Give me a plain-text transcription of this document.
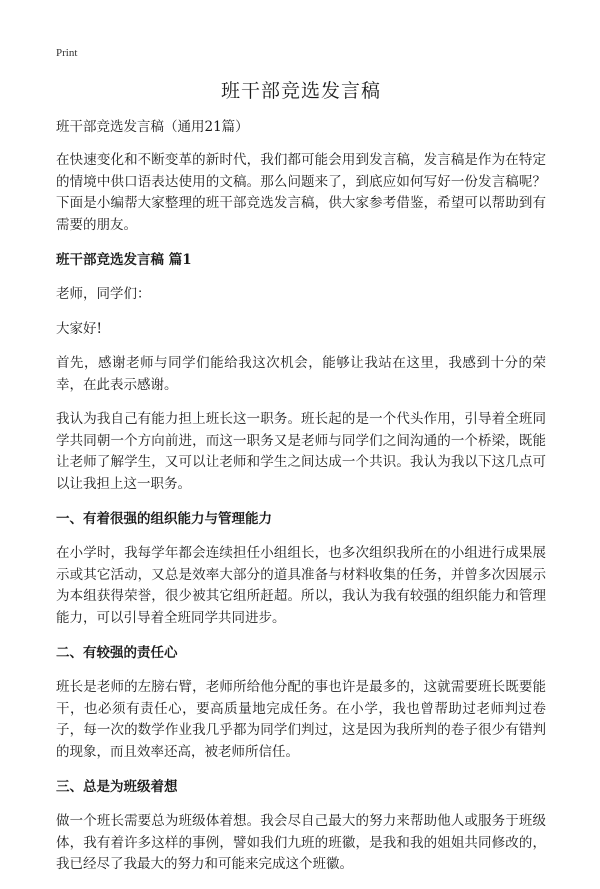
Print
班干部竞选发言稿

班干部竞选发言稿（通用21篇）

在快速变化和不断变革的新时代，我们都可能会用到发言稿，发言稿是作为在特定的情境中供口语表达使用的文稿。那么问题来了，到底应如何写好一份发言稿呢？下面是小编帮大家整理的班干部竞选发言稿，供大家参考借鉴，希望可以帮助到有需要的朋友。

班干部竞选发言稿 篇1

老师，同学们：

大家好!

首先，感谢老师与同学们能给我这次机会，能够让我站在这里，我感到十分的荣幸，在此表示感谢。

我认为我自己有能力担上班长这一职务。班长起的是一个代头作用，引导着全班同学共同朝一个方向前进，而这一职务又是老师与同学们之间沟通的一个桥梁，既能让老师了解学生，又可以让老师和学生之间达成一个共识。我认为我以下这几点可以让我担上这一职务。

一、有着很强的组织能力与管理能力

在小学时，我每学年都会连续担任小组组长，也多次组织我所在的小组进行成果展示或其它活动，又总是效率大部分的道具准备与材料收集的任务，并曾多次因展示为本组获得荣誉，很少被其它组所赶超。所以，我认为我有较强的组织能力和管理能力，可以引导着全班同学共同进步。

二、有较强的责任心

班长是老师的左膀右臂，老师所给他分配的事也许是最多的，这就需要班长既要能干，也必须有责任心，要高质量地完成任务。在小学，我也曾帮助过老师判过卷子，每一次的数学作业我几乎都为同学们判过，这是因为我所判的卷子很少有错判的现象，而且效率还高，被老师所信任。

三、总是为班级着想

做一个班长需要总为班级体着想。我会尽自己最大的努力来帮助他人或服务于班级体，我有着许多这样的事例，譬如我们九班的班徽，是我和我的姐姐共同修改的，我已经尽了我最大的努力和可能来完成这个班徽。
